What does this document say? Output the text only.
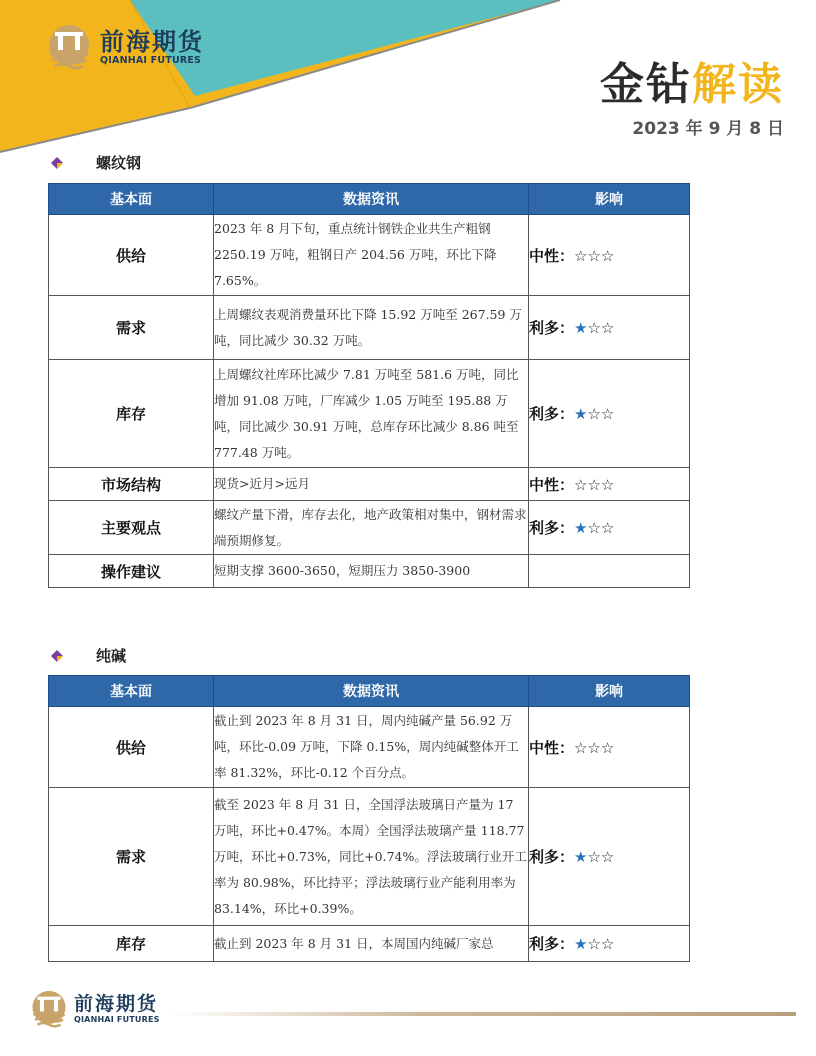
前海期货
QIANHAI FUTURES	金钻解读
2023 年 9 月 8 日
螺纹钢
基本面	数据资讯	影响
供给	2023 年 8 月下旬，重点统计钢铁企业共生产粗钢 2250.19 万吨，粗钢日产 204.56 万吨，环比下降 7.65%。	中性：☆☆☆
需求	上周螺纹表观消费量环比下降 15.92 万吨至 267.59 万吨，同比减少 30.32 万吨。	利多：★☆☆
库存	上周螺纹社库环比减少 7.81 万吨至 581.6 万吨，同比增加 91.08 万吨，厂库减少 1.05 万吨至 195.88 万吨，同比减少 30.91 万吨，总库存环比减少 8.86 吨至 777.48 万吨。	利多：★☆☆
市场结构	现货>近月>远月	中性：☆☆☆
主要观点	螺纹产量下滑，库存去化，地产政策相对集中，钢材需求端预期修复。	利多：★☆☆
操作建议	短期支撑 3600-3650，短期压力 3850-3900	
纯碱
基本面	数据资讯	影响
供给	截止到 2023 年 8 月 31 日，周内纯碱产量 56.92 万吨，环比-0.09 万吨，下降 0.15%，周内纯碱整体开工率 81.32%，环比-0.12 个百分点。	中性：☆☆☆
需求	截至 2023 年 8 月 31 日，全国浮法玻璃日产量为 17 万吨，环比+0.47%。本周）全国浮法玻璃产量 118.77 万吨，环比+0.73%，同比+0.74%。浮法玻璃行业开工率为 80.98%，环比持平；浮法玻璃行业产能利用率为 83.14%，环比+0.39%。	利多：★☆☆
库存	截止到 2023 年 8 月 31 日，本周国内纯碱厂家总	利多：★☆☆
前海期货
QIANHAI FUTURES
